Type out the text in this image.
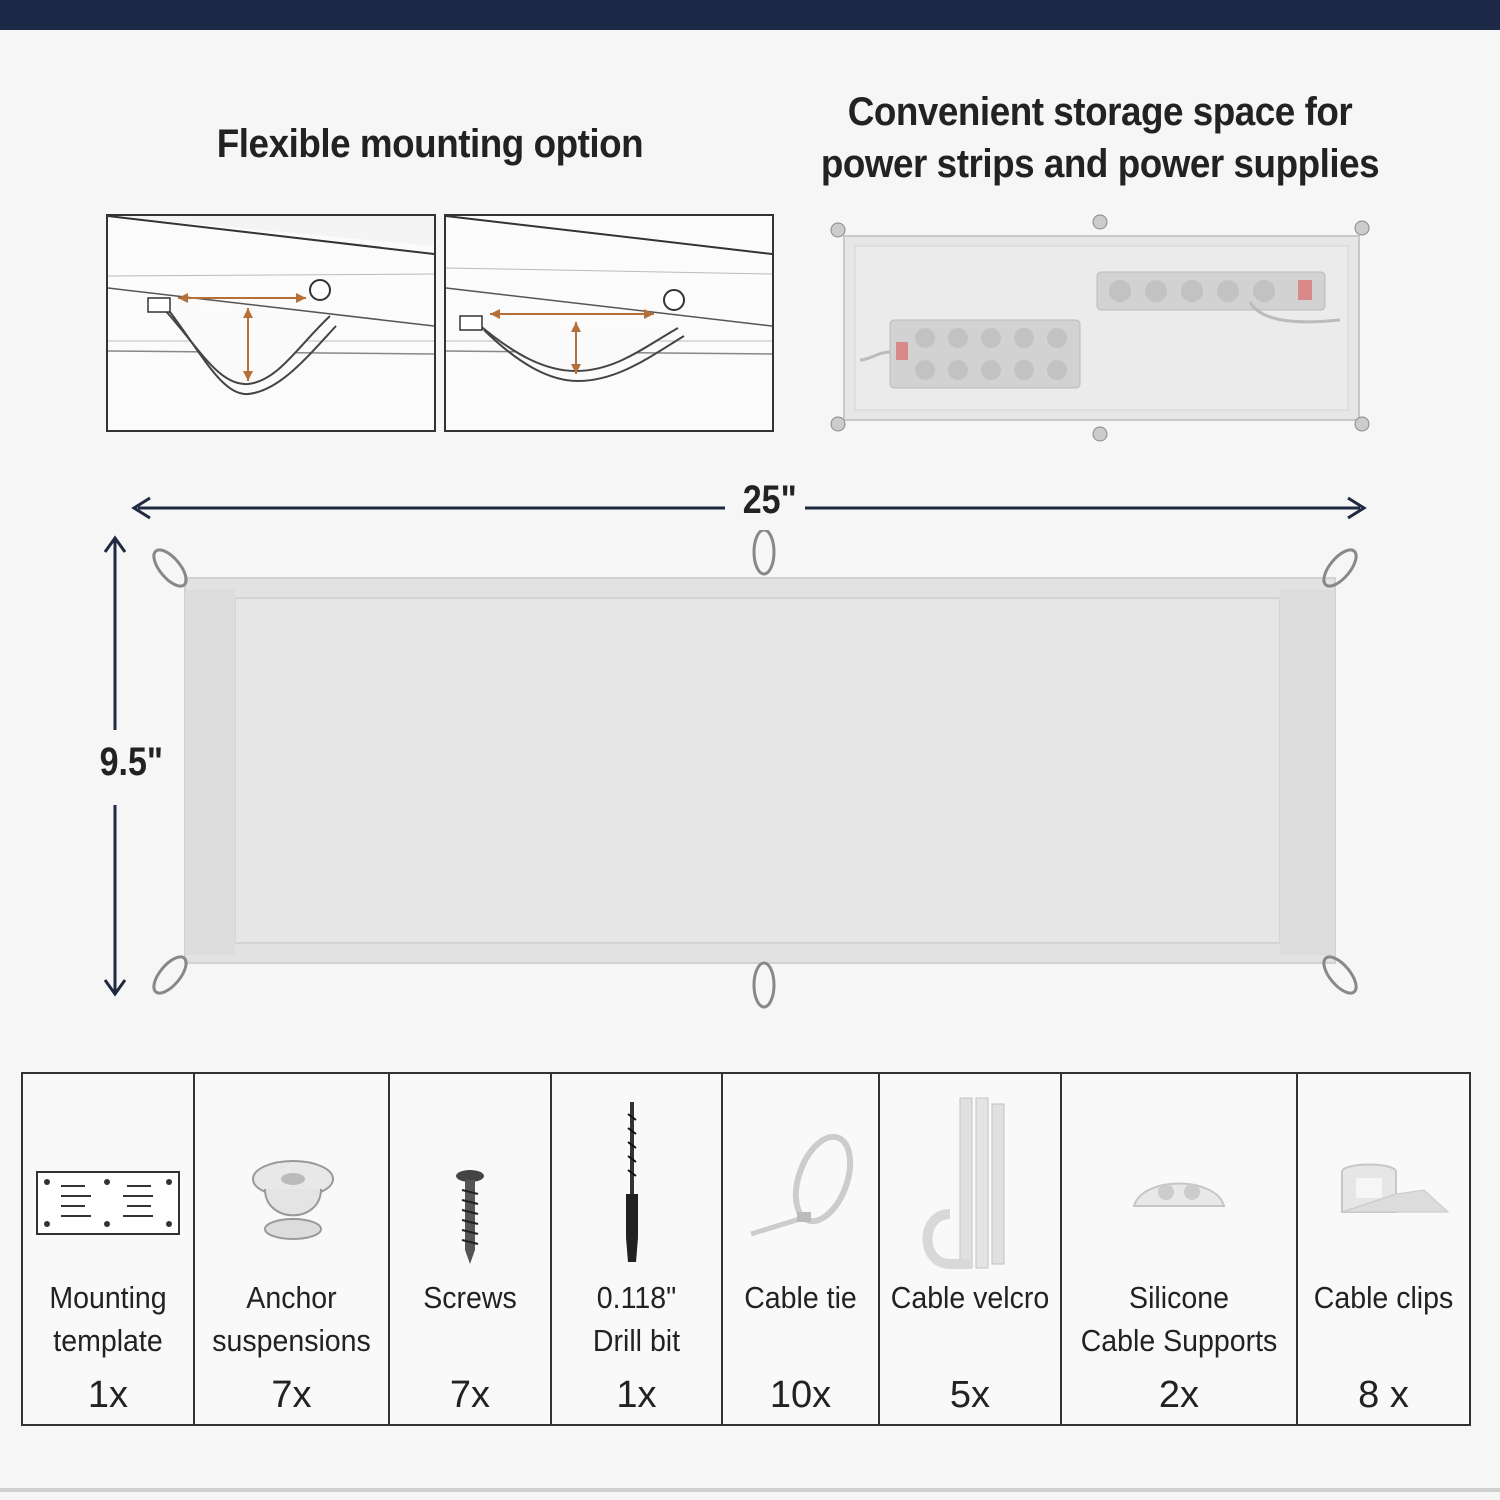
Flexible mounting option
Convenient storage space for
power strips and power supplies
25"
9.5"
Mounting
template
1x
Anchor
suspensions
7x
Screws
7x
0.118"
Drill bit
1x
Cable tie
10x
Cable velcro
5x
Silicone
Cable Supports
2x
Cable clips
8 x
